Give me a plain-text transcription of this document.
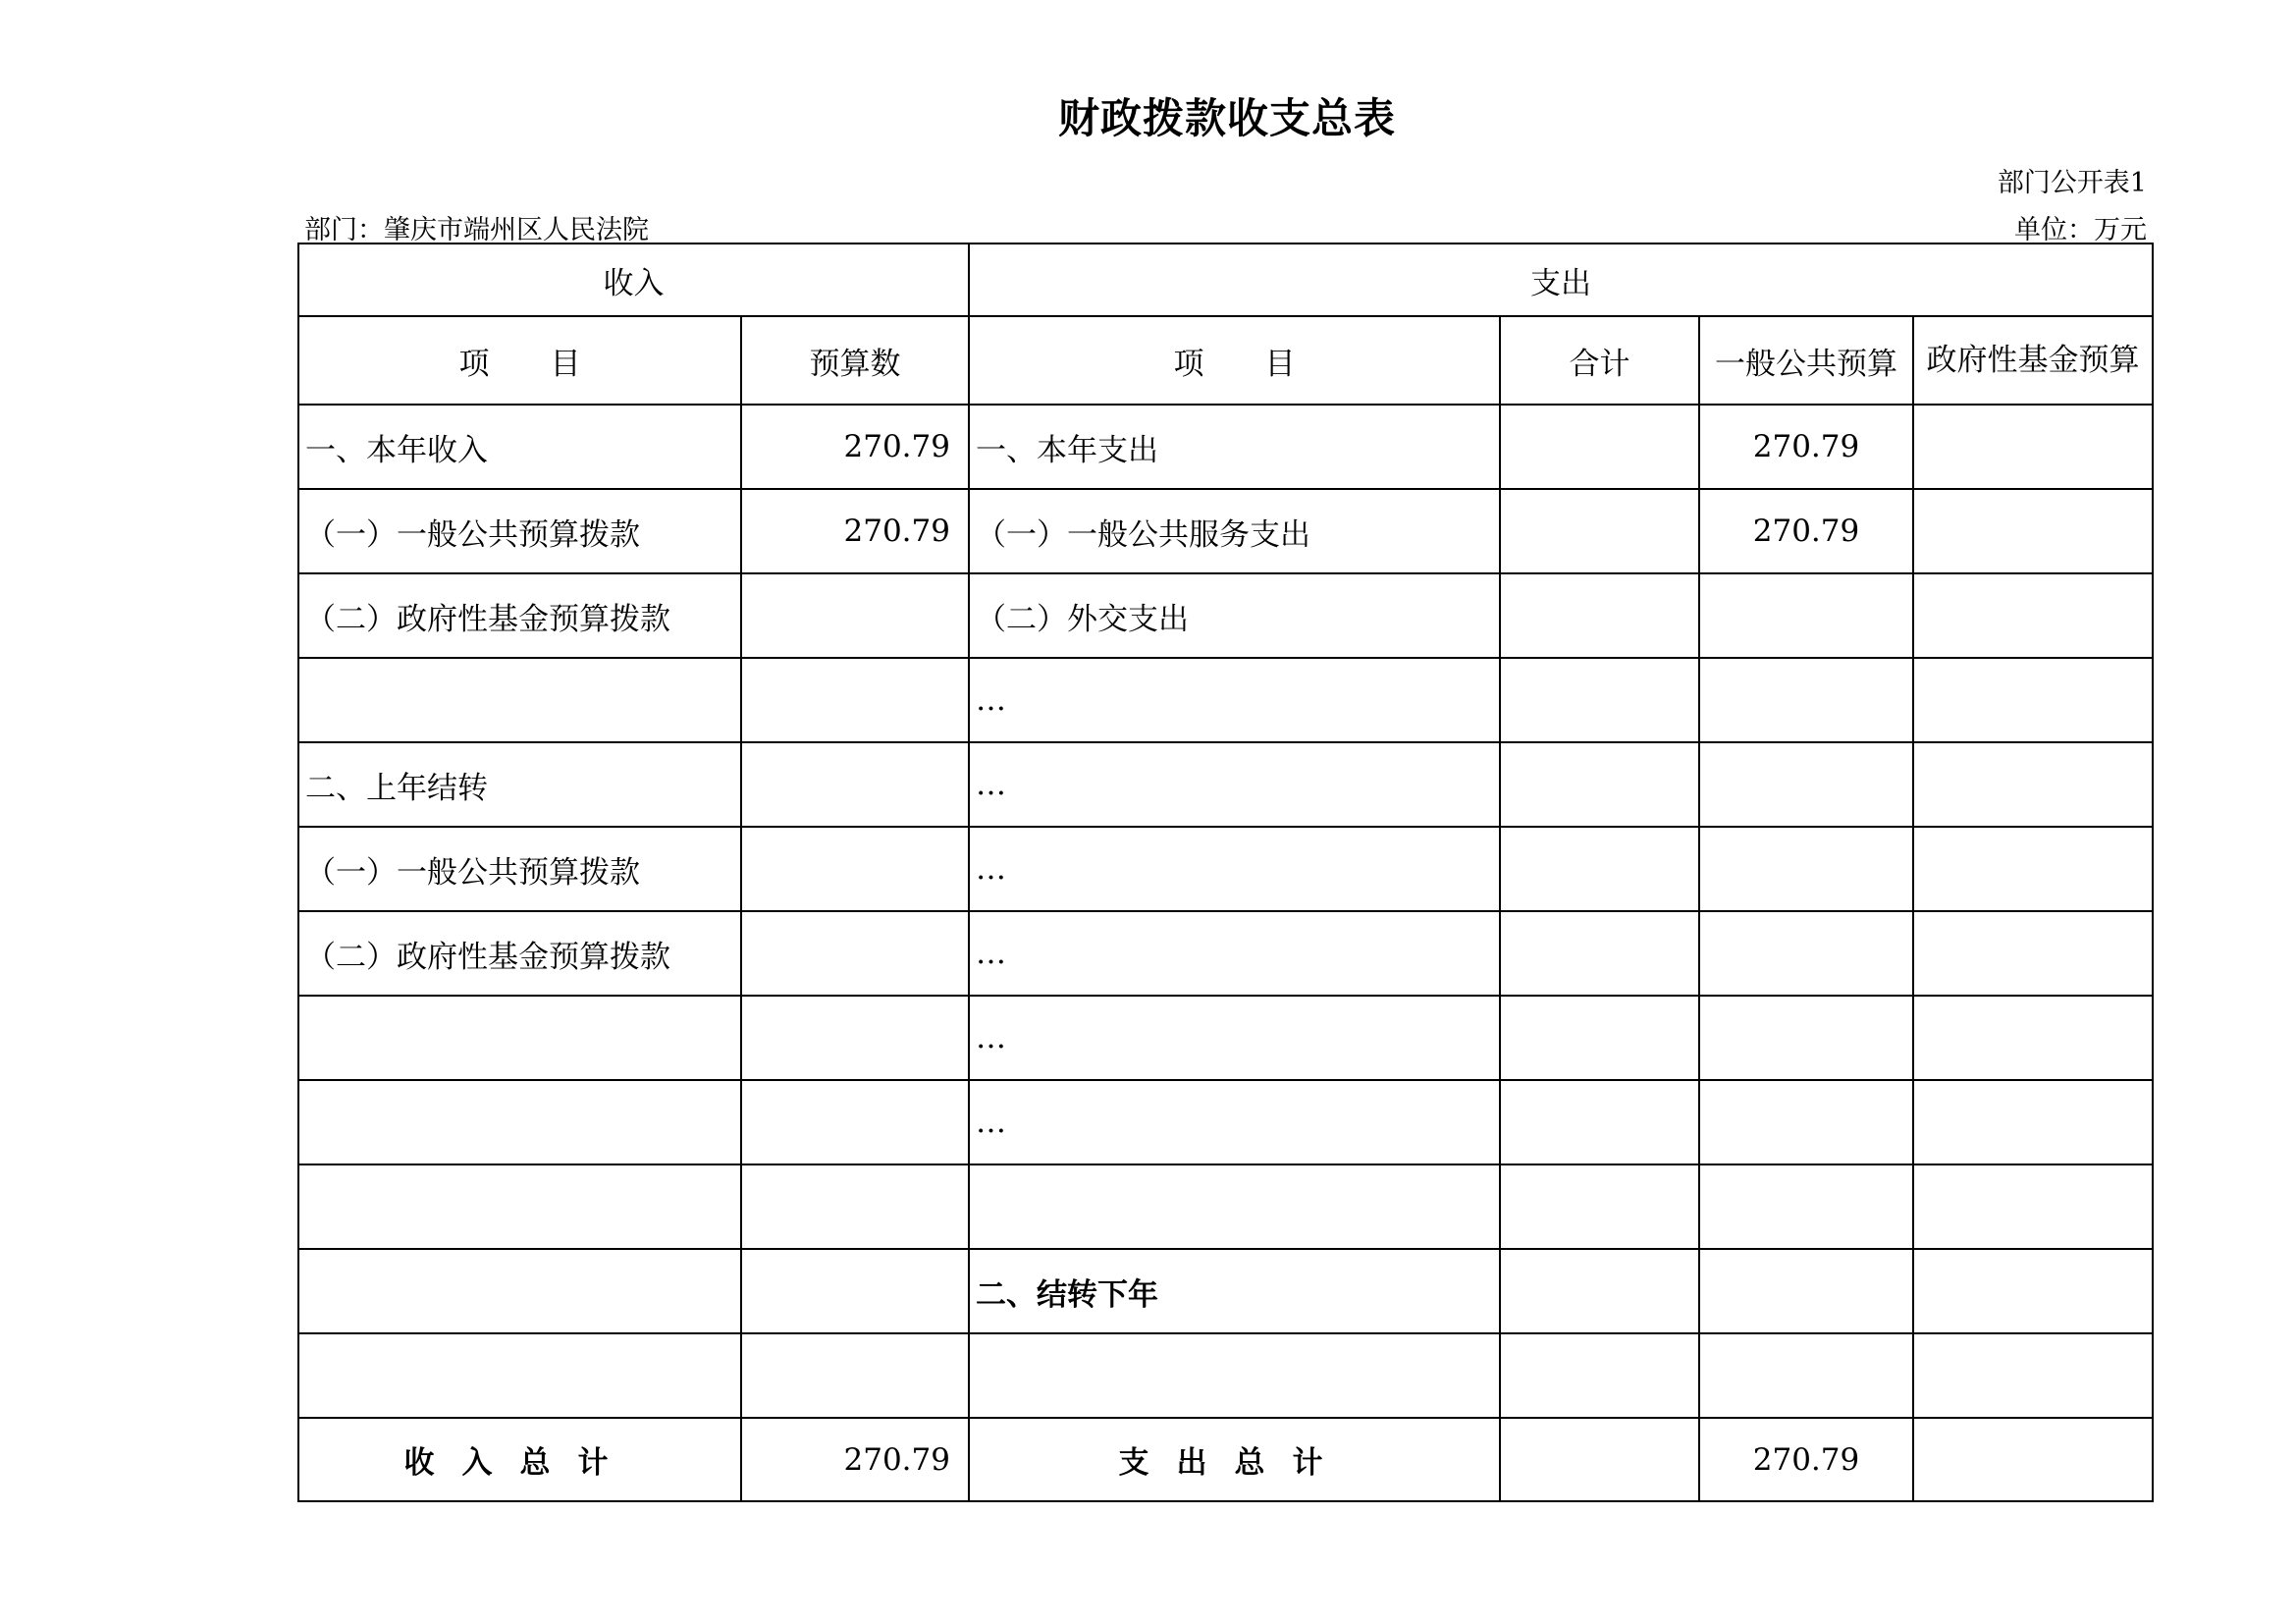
财政拨款收支总表
部门公开表1
部门：肇庆市端州区人民法院	单位：万元
收入		支出			
项　　目	预算数	项　　目	合计	一般公共预算	政府性基金预算
一、本年收入	270.79	一、本年支出		270.79	
（一）一般公共预算拨款	270.79	（一）一般公共服务支出		270.79	
（二）政府性基金预算拨款		（二）外交支出			
		…			
二、上年结转		…			
（一）一般公共预算拨款		…			
（二）政府性基金预算拨款		…			
		…			
		…			

		二、结转下年			

收入总计	270.79	支出总计		270.79	
